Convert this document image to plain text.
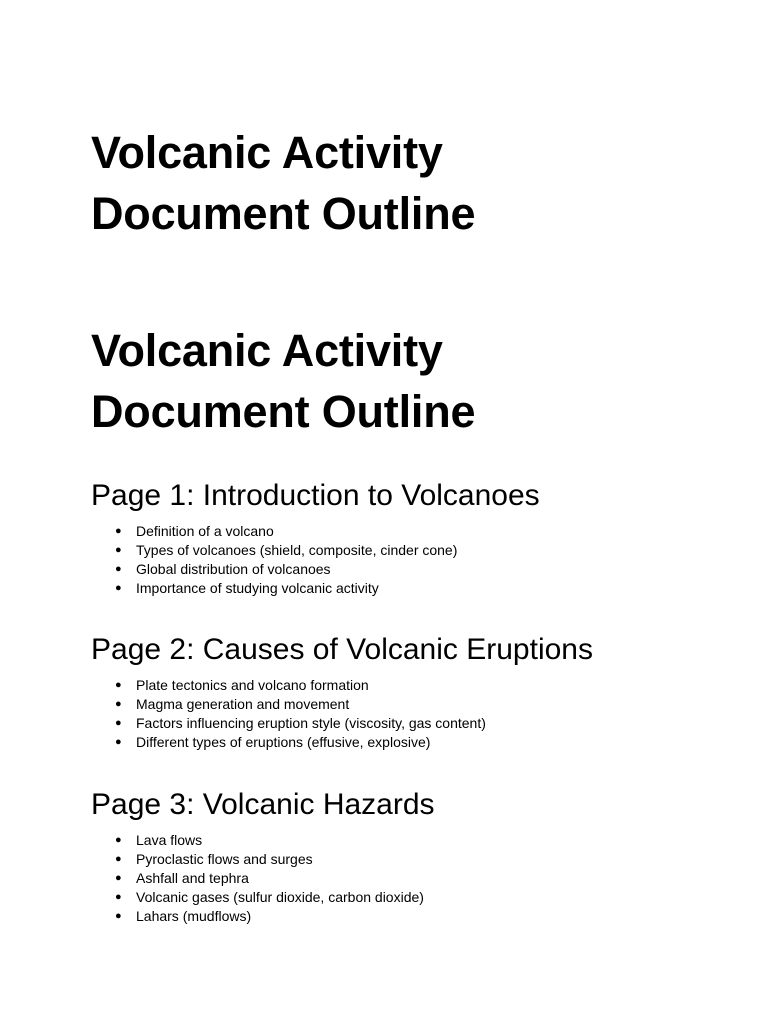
Volcanic Activity
Document Outline
Volcanic Activity
Document Outline
Page 1: Introduction to Volcanoes
● Definition of a volcano
● Types of volcanoes (shield, composite, cinder cone)
● Global distribution of volcanoes
● Importance of studying volcanic activity
Page 2: Causes of Volcanic Eruptions
● Plate tectonics and volcano formation
● Magma generation and movement
● Factors influencing eruption style (viscosity, gas content)
● Different types of eruptions (effusive, explosive)
Page 3: Volcanic Hazards
● Lava flows
● Pyroclastic flows and surges
● Ashfall and tephra
● Volcanic gases (sulfur dioxide, carbon dioxide)
● Lahars (mudflows)
